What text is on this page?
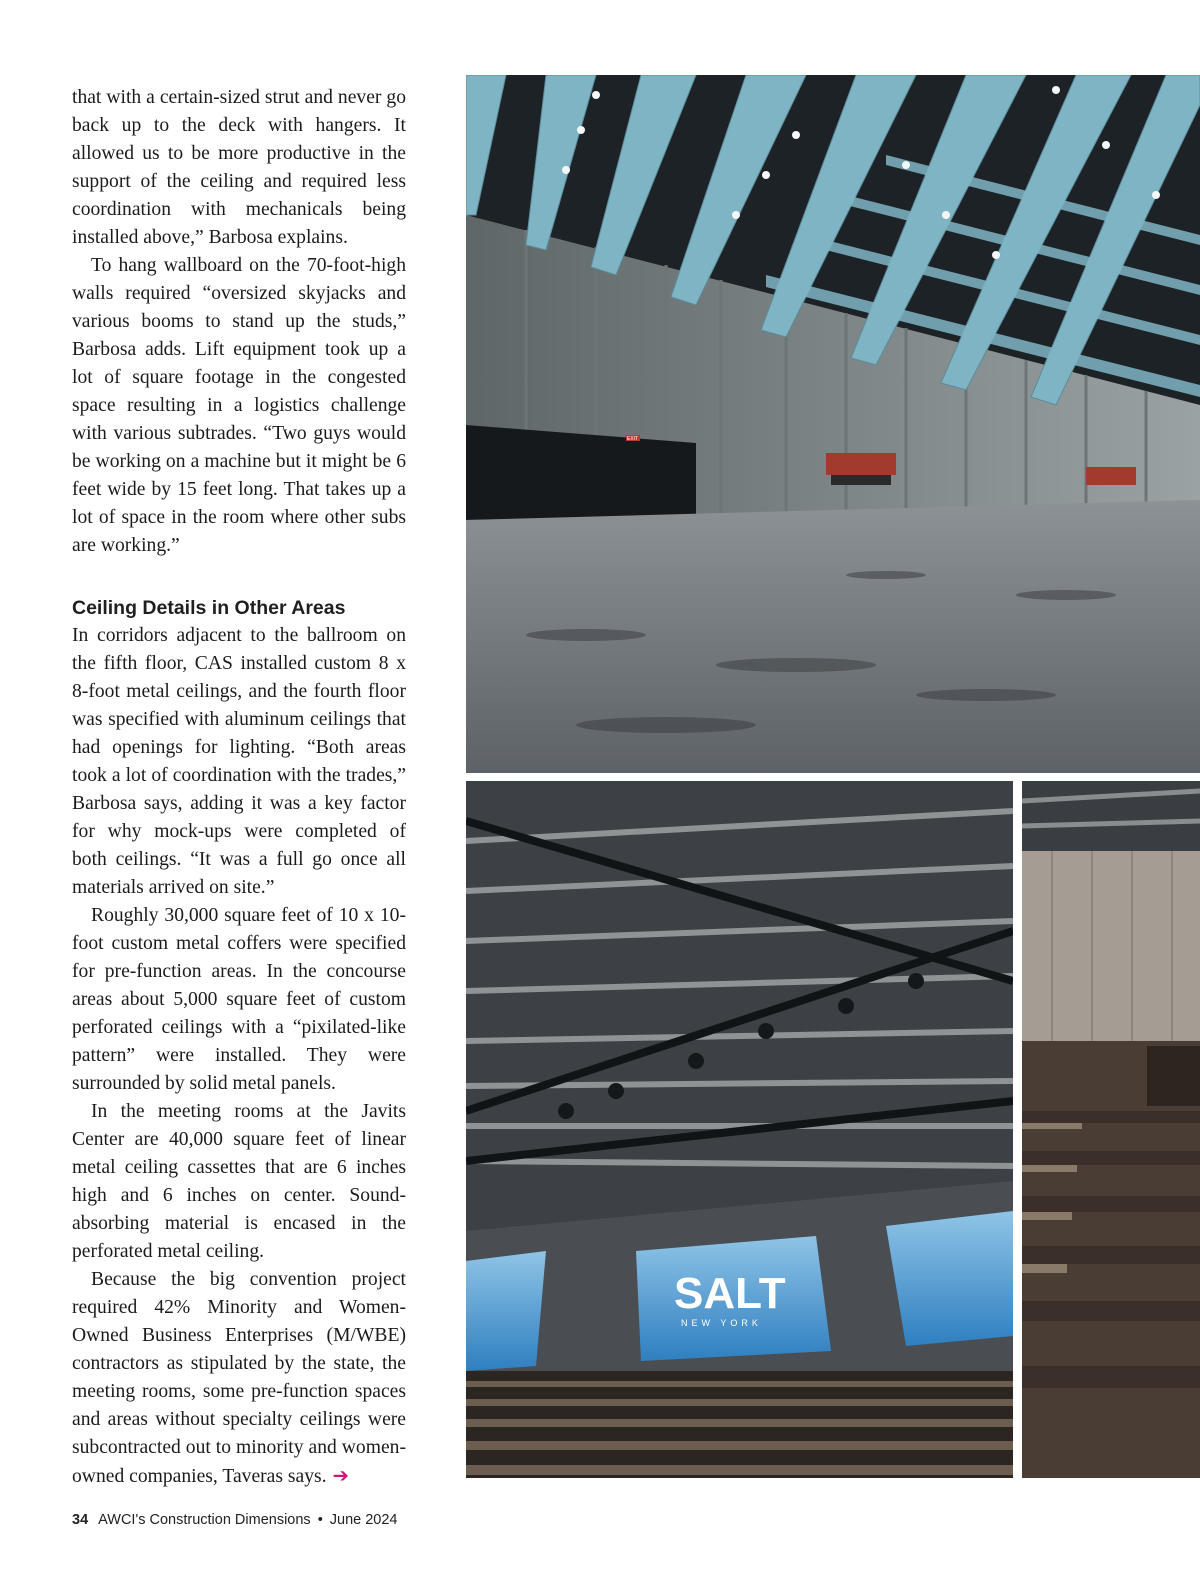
that with a certain-sized strut and never go back up to the deck with hangers. It allowed us to be more productive in the support of the ceiling and required less coordination with mechanicals being installed above,” Barbosa explains.

To hang wallboard on the 70-foot-high walls required “oversized skyjacks and various booms to stand up the studs,” Barbosa adds. Lift equipment took up a lot of square footage in the congested space resulting in a logistics challenge with various subtrades. “Two guys would be working on a machine but it might be 6 feet wide by 15 feet long. That takes up a lot of space in the room where other subs are working.”

Ceiling Details in Other Areas

In corridors adjacent to the ballroom on the fifth floor, CAS installed custom 8 x 8-foot metal ceilings, and the fourth floor was specified with aluminum ceilings that had openings for lighting. “Both areas took a lot of coordination with the trades,” Barbosa says, adding it was a key factor for why mock-ups were completed of both ceilings. “It was a full go once all materials arrived on site.”

Roughly 30,000 square feet of 10 x 10-foot custom metal coffers were specified for pre-function areas. In the concourse areas about 5,000 square feet of custom perforated ceilings with a “pixilated-like pattern” were installed. They were surrounded by solid metal panels.

In the meeting rooms at the Javits Center are 40,000 square feet of linear metal ceiling cassettes that are 6 inches high and 6 inches on center. Sound-absorbing material is encased in the perforated metal ceiling.

Because the big convention project required 42% Minority and Women-Owned Business Enterprises (M/WBE) contractors as stipulated by the state, the meeting rooms, some pre-function spaces and areas without specialty ceilings were subcontracted out to minority and women-owned companies, Taveras says. ➔

34 AWCI's Construction Dimensions • June 2024
EXIT
SALT
NEW YORK
